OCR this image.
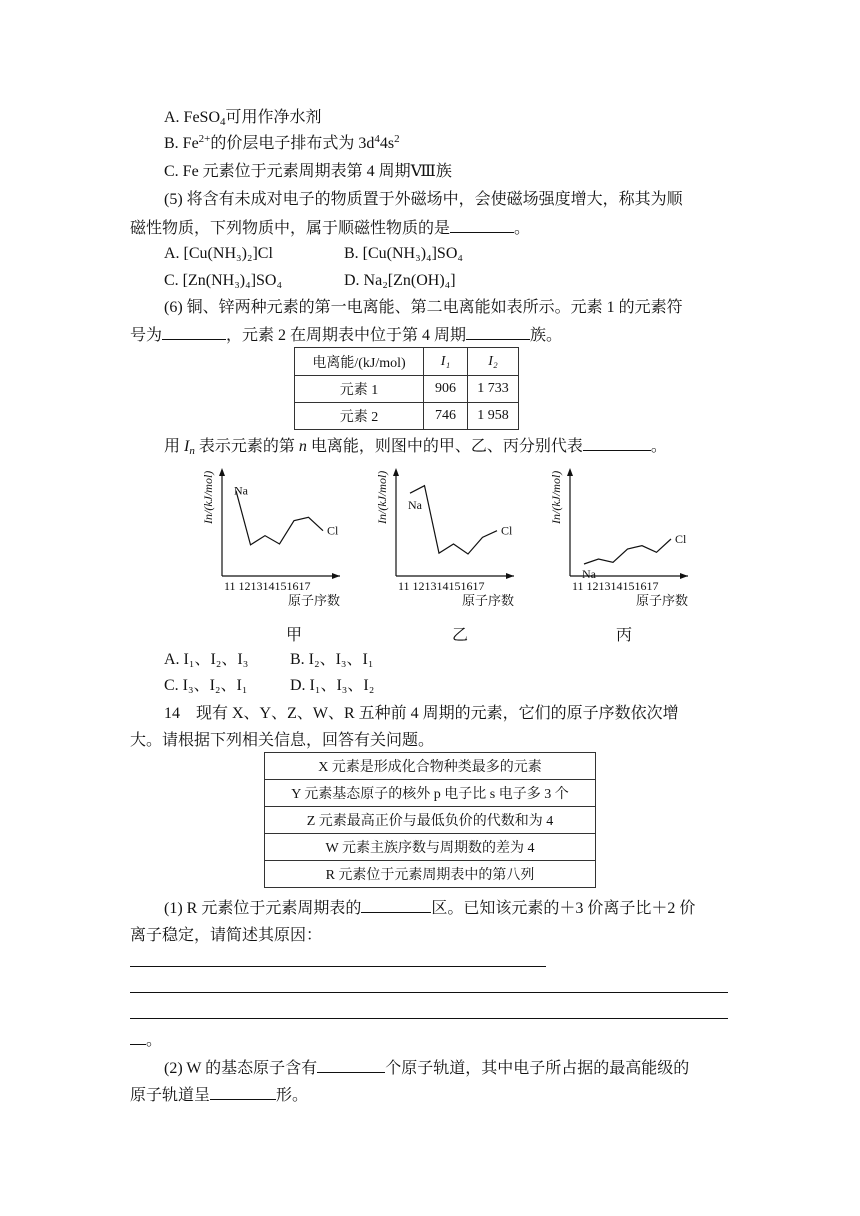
A. FeSO$_4$可用作净水剂
B. $Fe^{2+}$的价层电子排布式为 $3d^44s^2$
C. Fe 元素位于元素周期表第 4 周期Ⅷ族
(5) 将含有未成对电子的物质置于外磁场中，会使磁场强度增大，称其为顺
磁性物质，下列物质中，属于顺磁性物质的是	。
A. [Cu(NH₃)₂]Cl	B. [Cu(NH₃)₄]SO₄
C. [Zn(NH₃)₄]SO₄	D. Na₂[Zn(OH)₄]
(6) 铜、锌两种元素的第一电离能、第二电离能如表所示。元素 1 的元素符
号为	，元素 2 在周期表中位于第 4 周期	族。
电离能/(kJ/mol)	I₁	I₂
元素 1	906	1 733
元素 2	746	1 958
用 $I_n$ 表示元素的第 n 电离能，则图中的甲、乙、丙分别代表	。
Na
Cl
In/(kJ/mol)
11 121314151617
原子序数
Na
Cl
In/(kJ/mol)
11 121314151617
原子序数
Na
Cl
In/(kJ/mol)
11 121314151617
原子序数
甲	乙	丙
A. I₁、I₂、I₃	B. I₂、I₃、I₁
C. I₃、I₂、I₁	D. I₁、I₃、I₂
14　现有 X、Y、Z、W、R 五种前 4 周期的元素，它们的原子序数依次增
大。请根据下列相关信息，回答有关问题。
X 元素是形成化合物种类最多的元素
Y 元素基态原子的核外 p 电子比 s 电子多 3 个
Z 元素最高正价与最低负价的代数和为 4
W 元素主族序数与周期数的差为 4
R 元素位于元素周期表中的第八列
(1) R 元素位于元素周期表的	区。已知该元素的＋3 价离子比＋2 价
离子稳定，请简述其原因：
。
(2) W 的基态原子含有	个原子轨道，其中电子所占据的最高能级的
原子轨道呈	形。
